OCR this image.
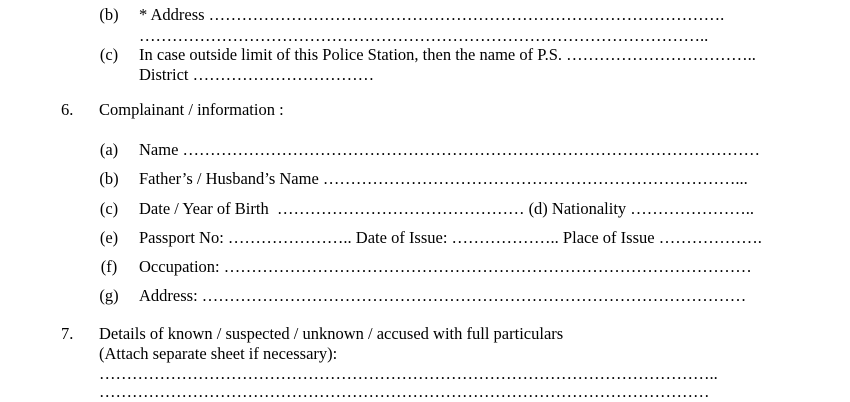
(b)	* Address ………………………………………………………………………………….
…………………………………………………………………………………………..
(c)	In case outside limit of this Police Station, then the name of P.S. ……………………………..
District ……………………………
6. Complainant / information :
(a)	Name ……………………………………………………………………………………………
(b)	Father’s / Husband’s Name …………………………………………………………………...
(c)	Date / Year of Birth  ……………………………………… (d) Nationality …………………..
(e)	Passport No: ………………….. Date of Issue: ……………….. Place of Issue ……………….
(f)	Occupation: ……………………………………………………………………………………
(g)	Address: ………………………………………………………………………………………
7. Details of known / suspected / unknown / accused with full particulars
(Attach separate sheet if necessary):
…………………………………………………………………………………………………..
…………………………………………………………………………………………………
